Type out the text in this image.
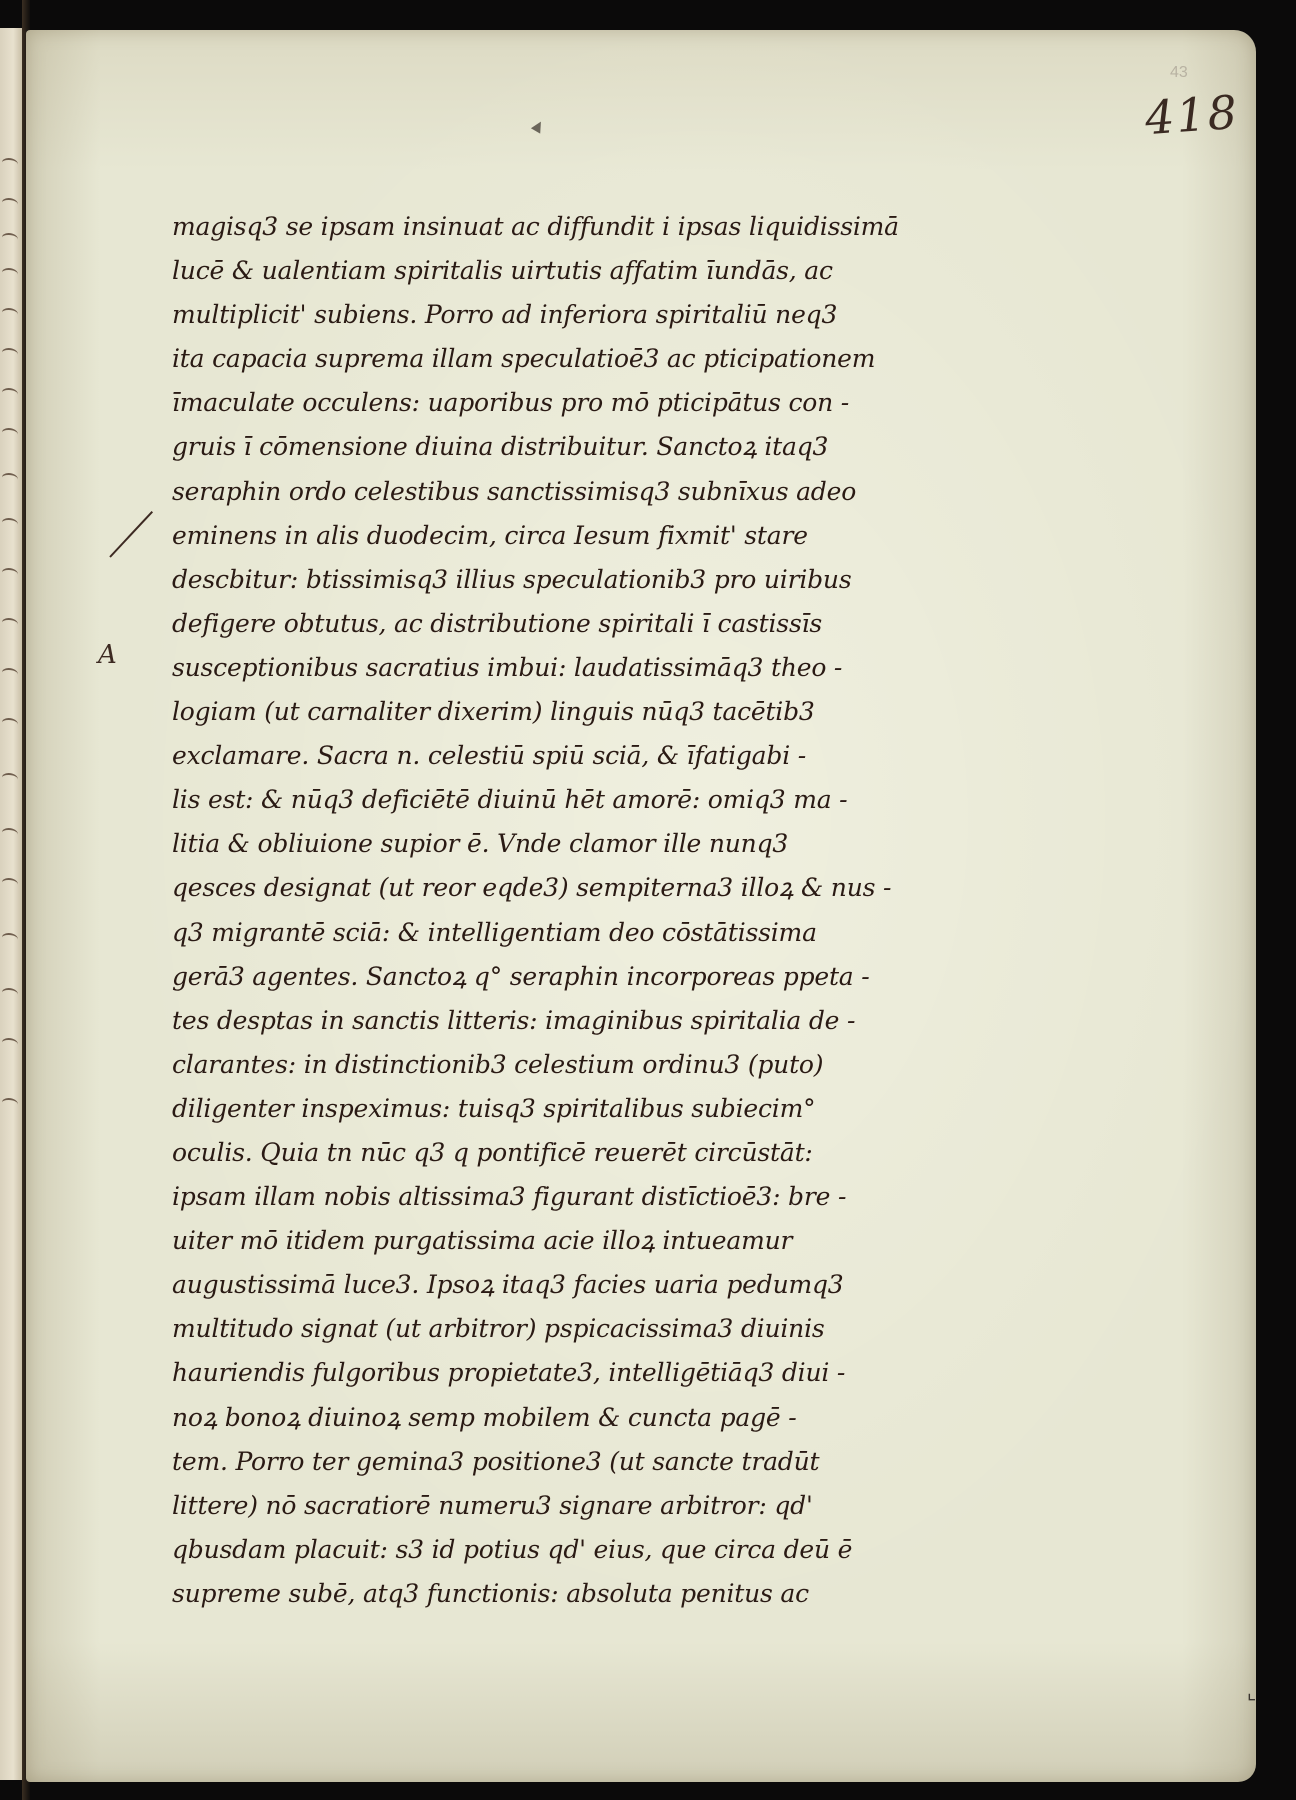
43
418
▲
A
magisq3 se ipsam insinuat ac diffundit i ipsas liquidissimā
lucē & ualentiam spiritalis uirtutis affatim īundās, ac
multiplicit' subiens. Porro ad inferiora spiritaliū neq3
ita capacia suprema illam speculatioē3 ac pticipationem
īmaculate occulens: uaporibus pro mō pticipātus con -
gruis ī cōmensione diuina distribuitur. Sanctoꝝ itaq3
seraphin ordo celestibus sanctissimisq3 subnīxus adeo
eminens in alis duodecim, circa Iesum fixmit' stare
descbitur: btissimisq3 illius speculationib3 pro uiribus
defigere obtutus, ac distributione spiritali ī castissīs
susceptionibus sacratius imbui: laudatissimāq3 theo -
logiam (ut carnaliter dixerim) linguis nūq3 tacētib3
exclamare. Sacra n. celestiū spiū sciā, & īfatigabi -
lis est: & nūq3 deficiētē diuinū hēt amorē: omiq3 ma -
litia & obliuione supior ē. Vnde clamor ille nunq3
qesces designat (ut reor eqde3) sempiterna3 illoꝝ & nus -
q3 migrantē sciā: & intelligentiam deo cōstātissima
gerā3 agentes. Sanctoꝝ q° seraphin incorporeas ppeta -
tes desptas in sanctis litteris: imaginibus spiritalia de -
clarantes: in distinctionib3 celestium ordinu3 (puto)
diligenter inspeximus: tuisq3 spiritalibus subiecim°
oculis. Quia tn nūc q3 q pontificē reuerēt circūstāt:
ipsam illam nobis altissima3 figurant distīctioē3: bre -
uiter mō itidem purgatissima acie illoꝝ intueamur
augustissimā luce3. Ipsoꝝ itaq3 facies uaria pedumq3
multitudo signat (ut arbitror) pspicacissima3 diuinis
hauriendis fulgoribus propietate3, intelligētiāq3 diui -
noꝝ bonoꝝ diuinoꝝ semp mobilem & cuncta pagē -
tem. Porro ter gemina3 positione3 (ut sancte tradūt
littere) nō sacratiorē numeru3 signare arbitror: qd'
qbusdam placuit: s3 id potius qd' eius, que circa deū ē
supreme subē, atq3 functionis: absoluta penitus ac
⌞
